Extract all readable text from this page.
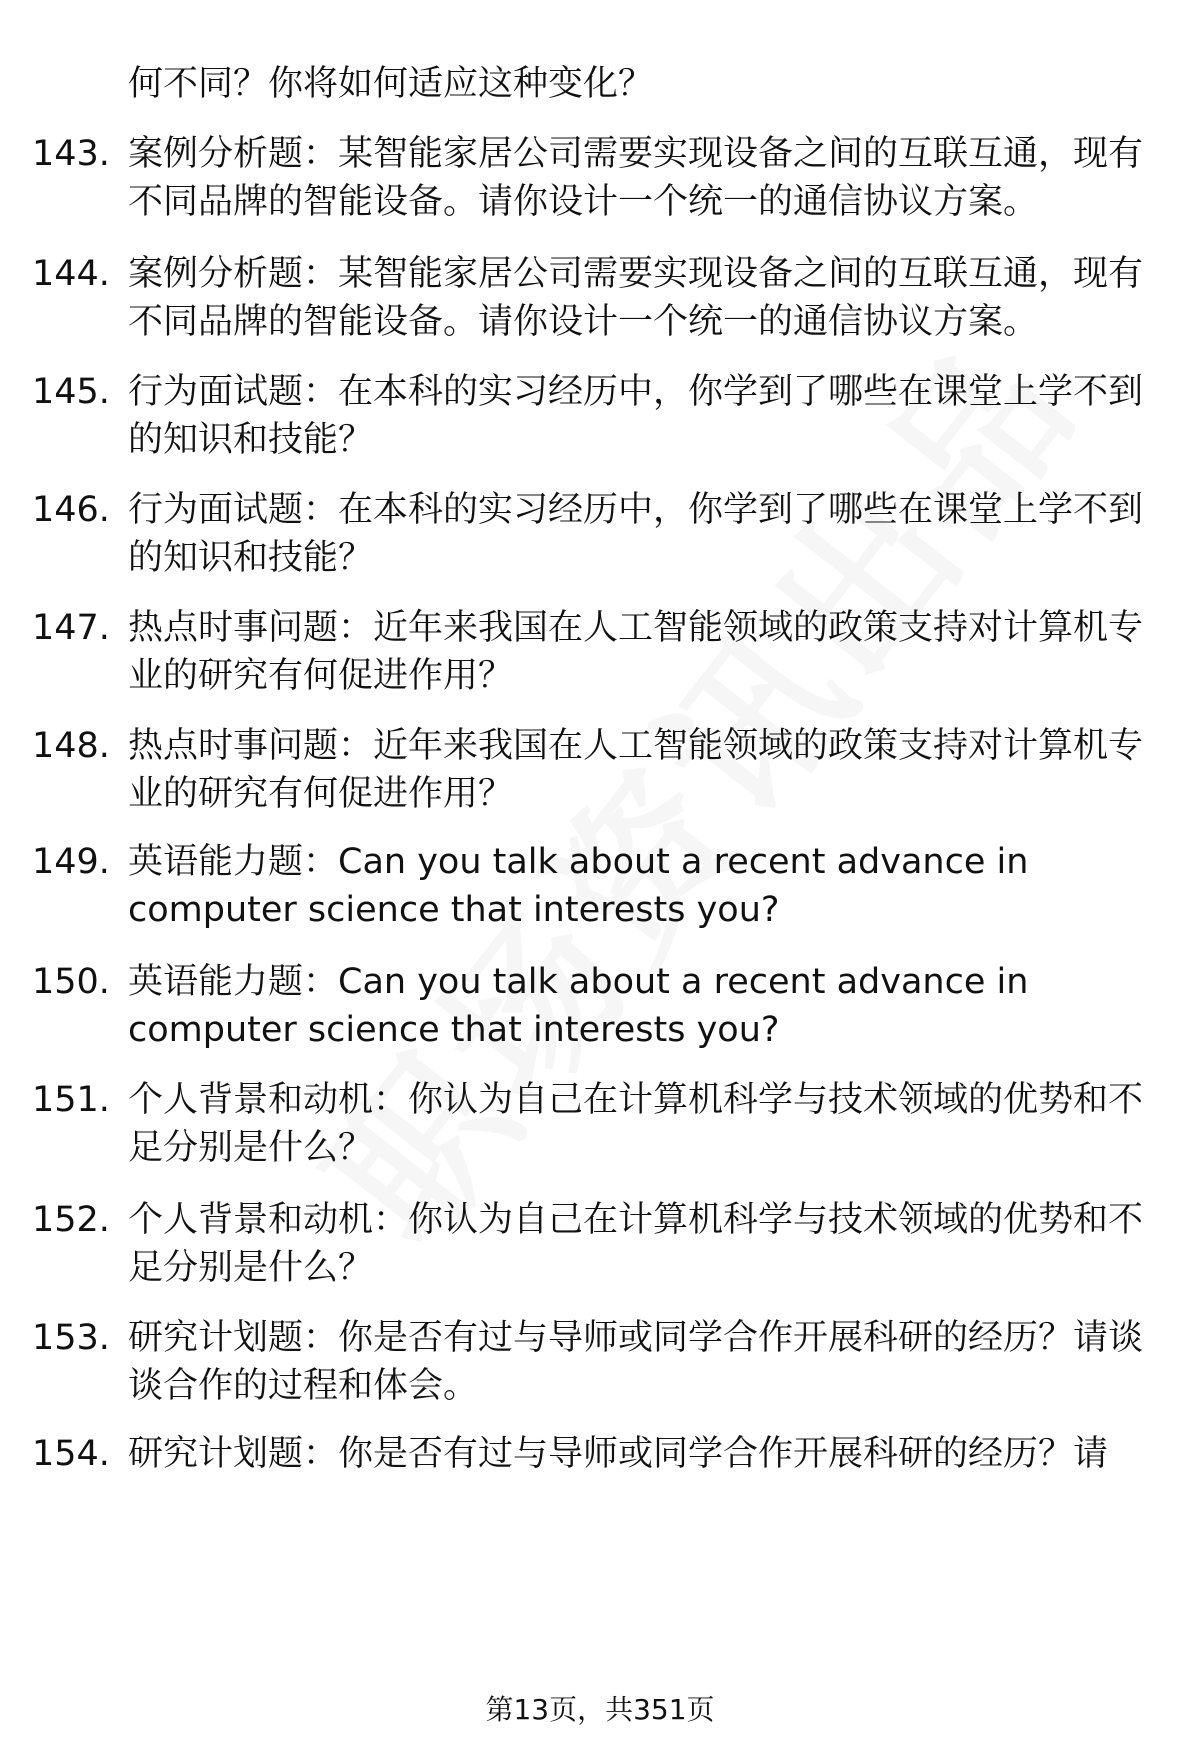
何不同？你将如何适应这种变化？
143. 案例分析题：某智能家居公司需要实现设备之间的互联互通，现有不同品牌的智能设备。请你设计一个统一的通信协议方案。
144. 案例分析题：某智能家居公司需要实现设备之间的互联互通，现有不同品牌的智能设备。请你设计一个统一的通信协议方案。
145. 行为面试题：在本科的实习经历中，你学到了哪些在课堂上学不到的知识和技能？
146. 行为面试题：在本科的实习经历中，你学到了哪些在课堂上学不到的知识和技能？
147. 热点时事问题：近年来我国在人工智能领域的政策支持对计算机专业的研究有何促进作用？
148. 热点时事问题：近年来我国在人工智能领域的政策支持对计算机专业的研究有何促进作用？
149. 英语能力题：Can you talk about a recent advance in computer science that interests you?
150. 英语能力题：Can you talk about a recent advance in computer science that interests you?
151. 个人背景和动机：你认为自己在计算机科学与技术领域的优势和不足分别是什么？
152. 个人背景和动机：你认为自己在计算机科学与技术领域的优势和不足分别是什么？
153. 研究计划题：你是否有过与导师或同学合作开展科研的经历？请谈谈合作的过程和体会。
154. 研究计划题：你是否有过与导师或同学合作开展科研的经历？请
第13页，共351页
